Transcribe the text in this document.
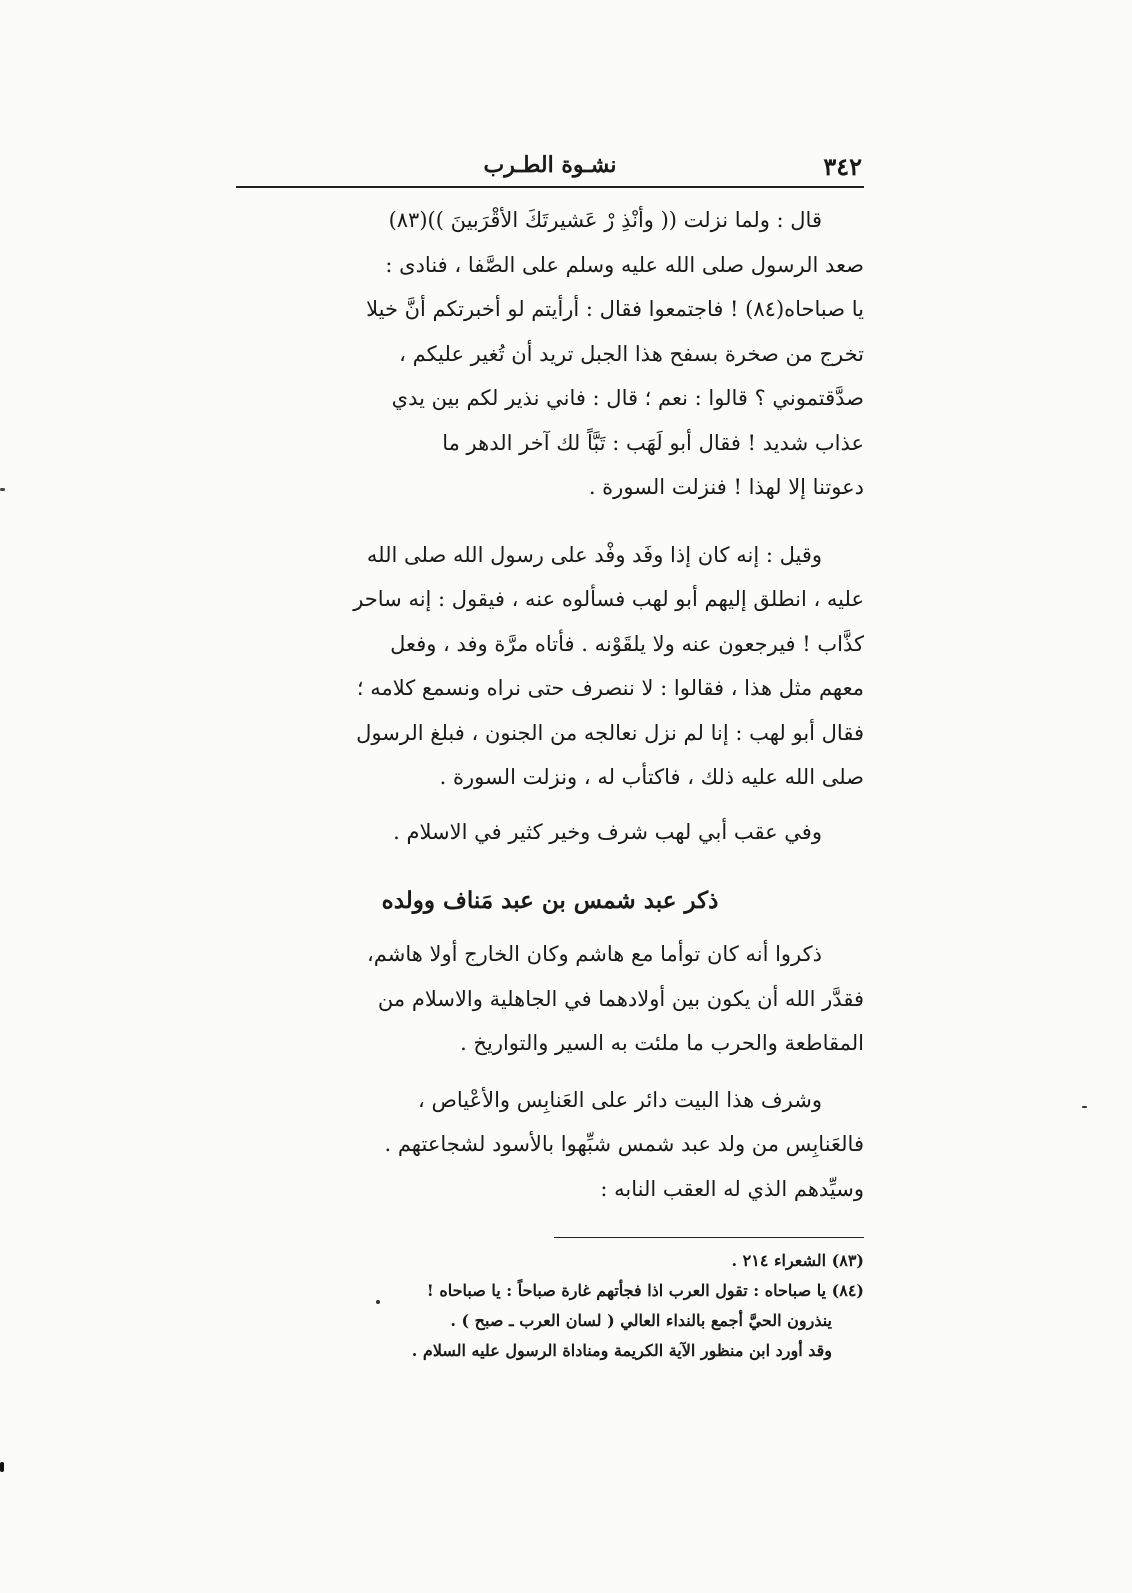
٣٤٢
نشـوة الطـرب

قال : ولما نزلت (( وأنْذِ رْ عَشيرتَكَ الأقْرَبينَ ))(٨٣)

صعد الرسول صلى الله عليه وسلم على الصَّفا ، فنادى :

يا صباحاه(٨٤) ! فاجتمعوا فقال : أرأيتم لو أخبرتكم أنَّ خيلا

تخرج من صخرة بسفح هذا الجبل تريد أن تُغير عليكم ،

صدَّقتموني ؟ قالوا : نعم ؛ قال : فاني نذير لكم بين يدي

عذاب شديد ! فقال أبو لَهَب : تَبَّاً لك آخر الدهر ما

دعوتنا إلا لهذا ! فنزلت السورة .

وقيل : إنه كان إذا وفَد وفْد على رسول الله صلى الله

عليه ، انطلق إليهم أبو لهب فسألوه عنه ، فيقول : إنه ساحر

كذَّاب ! فيرجعون عنه ولا يلقَوْنه . فأتاه مرَّة وفد ، وفعل

معهم مثل هذا ، فقالوا : لا ننصرف حتى نراه ونسمع كلامه ؛

فقال أبو لهب : إنا لم نزل نعالجه من الجنون ، فبلغ الرسول

صلى الله عليه ذلك ، فاكتأب له ، ونزلت السورة .

وفي عقب أبي لهب شرف وخير كثير في الاسلام .

ذكر عبد شمس بن عبد مَناف وولده

ذكروا أنه كان توأما مع هاشم وكان الخارج أولا هاشم،

فقدَّر الله أن يكون بين أولادهما في الجاهلية والاسلام من

المقاطعة والحرب ما ملئت به السير والتواريخ .

وشرف هذا البيت دائر على العَنابِس والأعْياص ،

فالعَنابِس من ولد عبد شمس شبِّهوا بالأسود لشجاعتهم .

وسيِّدهم الذي له العقب النابه :

(٨٣) الشعراء ٢١٤ .

(٨٤) يا صباحاه : تقول العرب اذا فجأتهم غارة صباحاً : يا صباحاه !

ينذرون الحيَّ أجمع بالنداء العالي ( لسان العرب ـ صبح ) .

وقد أورد ابن منظور الآية الكريمة ومناداة الرسول عليه السلام .
